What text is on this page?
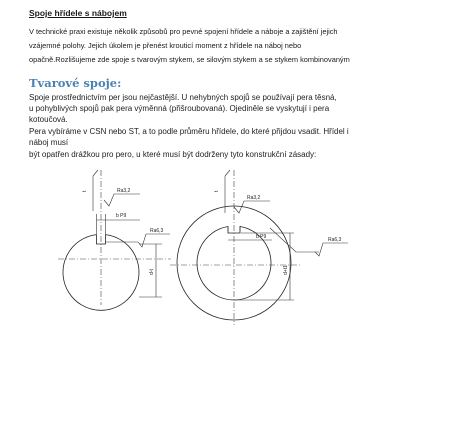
Spoje hřídele s nábojem

V technické praxi existuje několik způsobů pro pevné spojení hřídele a náboje a zajištění jejich

vzájemné polohy. Jejich úkolem je přenést krouticí moment z hřídele na náboj nebo

opačně.Rozlišujeme zde spoje s tvarovým stykem, se silovým stykem a se stykem kombinovaným

Tvarové spoje:

Spoje prostřednictvím per jsou nejčastější. U nehybných spojů se používají pera těsná,

u pohyblivých spojů pak pera výměnná (přišroubovaná). Ojediněle se vyskytují i pera

kotoučová.

Pera vybíráme v CSN nebo ST, a to podle průměru hřídele, do které přijdou vsadit. Hřídel i

náboj musí

být opatřen drážkou pro pero, u které musí být dodrženy tyto konstrukční zásady:

b P9
Ra3,2
t
Ra6,3
d-t
Ra3,2
t
b P9	Ra6,3
d+t1
